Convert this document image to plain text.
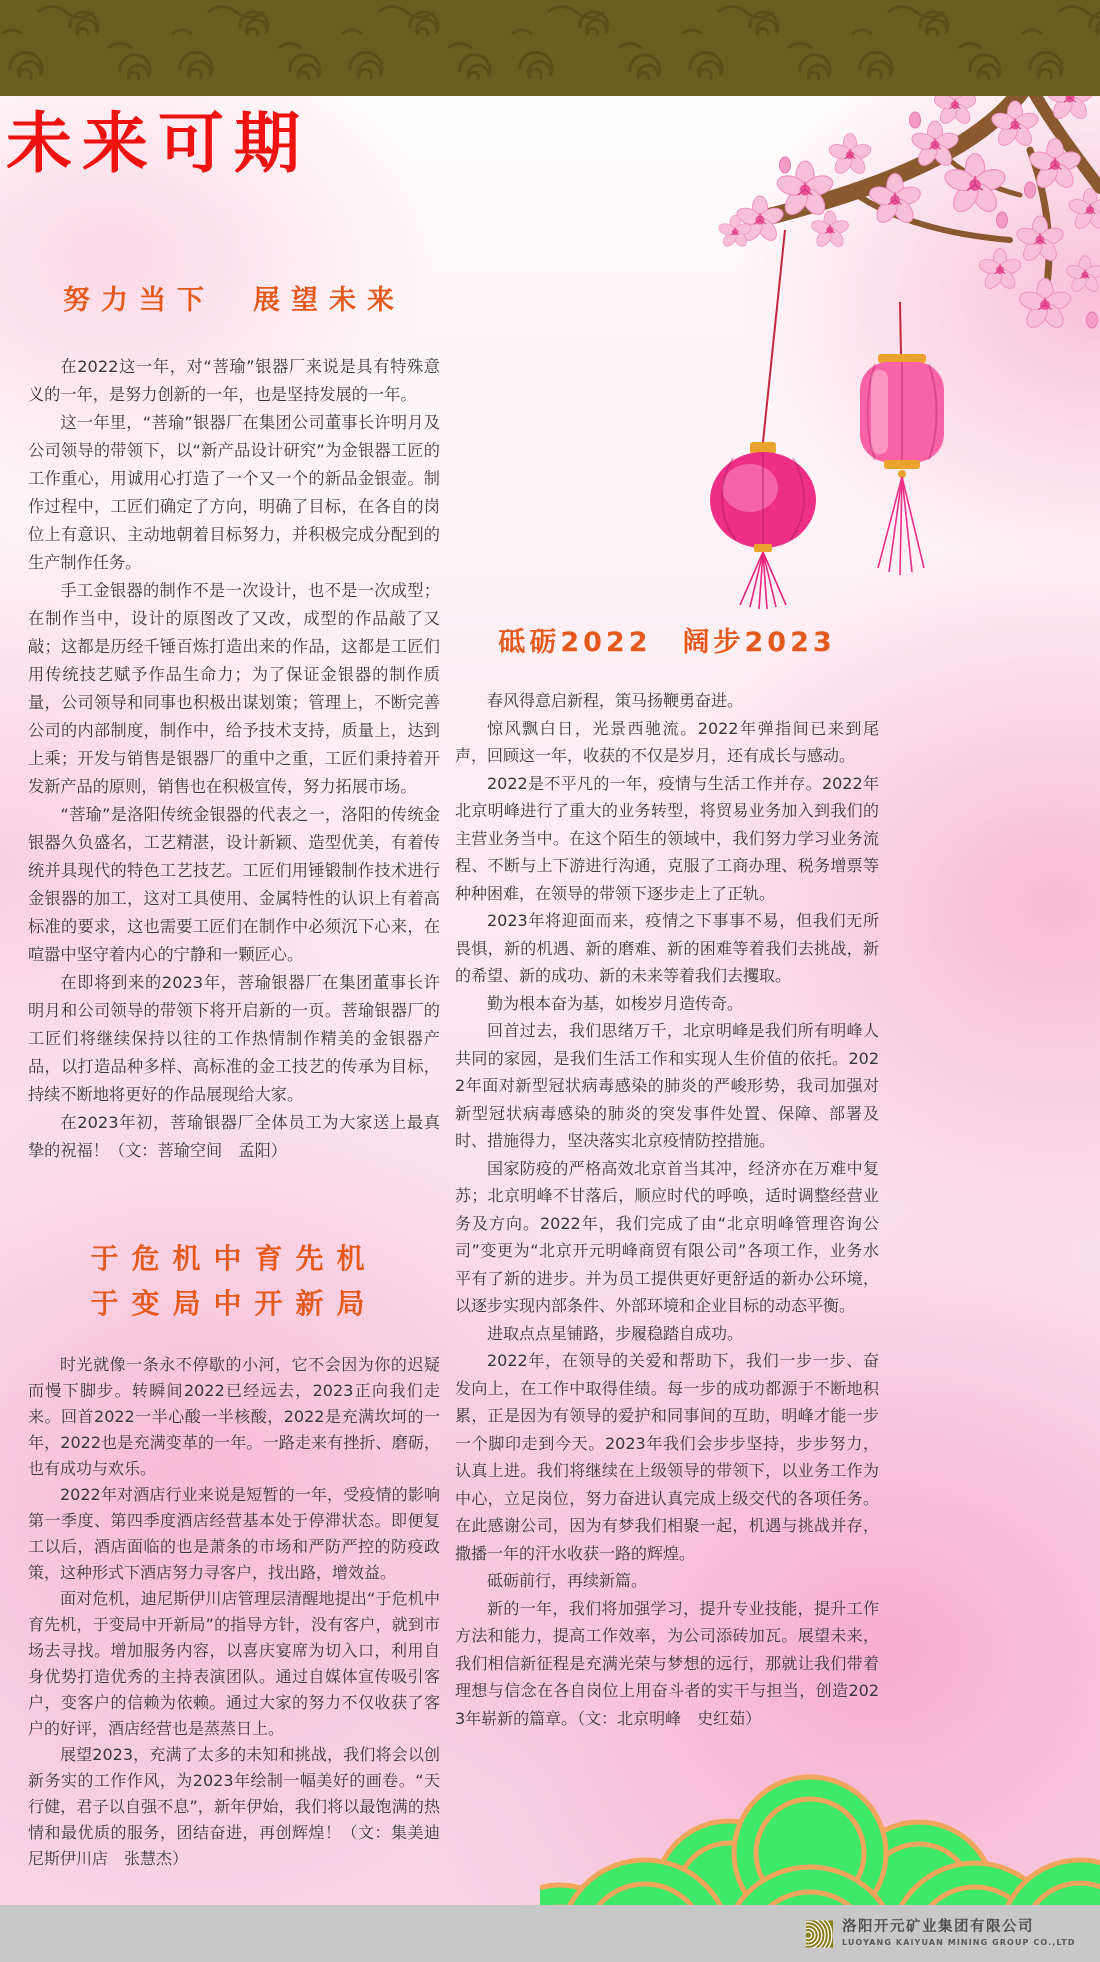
未来可期
努力当下　展望未来

在2022这一年，对“菩瑜”银器厂来说是具有特殊意义的一年，是努力创新的一年，也是坚持发展的一年。

这一年里，“菩瑜”银器厂在集团公司董事长许明月及公司领导的带领下，以“新产品设计研究”为金银器工匠的工作重心，用诚用心打造了一个又一个的新品金银壶。制作过程中，工匠们确定了方向，明确了目标，在各自的岗位上有意识、主动地朝着目标努力，并积极完成分配到的生产制作任务。

手工金银器的制作不是一次设计，也不是一次成型；在制作当中，设计的原图改了又改，成型的作品敲了又敲；这都是历经千锤百炼打造出来的作品，这都是工匠们用传统技艺赋予作品生命力；为了保证金银器的制作质量，公司领导和同事也积极出谋划策；管理上，不断完善公司的内部制度，制作中，给予技术支持，质量上，达到上乘；开发与销售是银器厂的重中之重，工匠们秉持着开发新产品的原则，销售也在积极宣传，努力拓展市场。

“菩瑜”是洛阳传统金银器的代表之一，洛阳的传统金银器久负盛名，工艺精湛，设计新颖、造型优美，有着传统并具现代的特色工艺技艺。工匠们用锤锻制作技术进行金银器的加工，这对工具使用、金属特性的认识上有着高标准的要求，这也需要工匠们在制作中必须沉下心来，在喧嚣中坚守着内心的宁静和一颗匠心。

在即将到来的2023年，菩瑜银器厂在集团董事长许明月和公司领导的带领下将开启新的一页。菩瑜银器厂的工匠们将继续保持以往的工作热情制作精美的金银器产品，以打造品种多样、高标准的金工技艺的传承为目标，持续不断地将更好的作品展现给大家。

在2023年初，菩瑜银器厂全体员工为大家送上最真挚的祝福！（文：菩瑜空间　孟阳）

砥砺2022　阔步2023

春风得意启新程，策马扬鞭勇奋进。

惊风飘白日，光景西驰流。2022年弹指间已来到尾声，回顾这一年，收获的不仅是岁月，还有成长与感动。

2022是不平凡的一年，疫情与生活工作并存。2022年北京明峰进行了重大的业务转型，将贸易业务加入到我们的主营业务当中。在这个陌生的领域中，我们努力学习业务流程、不断与上下游进行沟通，克服了工商办理、税务增票等种种困难，在领导的带领下逐步走上了正轨。

2023年将迎面而来，疫情之下事事不易，但我们无所畏惧，新的机遇、新的磨难、新的困难等着我们去挑战，新的希望、新的成功、新的未来等着我们去攫取。

勤为根本奋为基，如梭岁月造传奇。

回首过去，我们思绪万千，北京明峰是我们所有明峰人共同的家园，是我们生活工作和实现人生价值的依托。2022年面对新型冠状病毒感染的肺炎的严峻形势，我司加强对新型冠状病毒感染的肺炎的突发事件处置、保障、部署及时、措施得力，坚决落实北京疫情防控措施。

国家防疫的严格高效北京首当其冲，经济亦在万难中复苏；北京明峰不甘落后，顺应时代的呼唤，适时调整经营业务及方向。2022年，我们完成了由“北京明峰管理咨询公司”变更为“北京开元明峰商贸有限公司”各项工作，业务水平有了新的进步。并为员工提供更好更舒适的新办公环境，以逐步实现内部条件、外部环境和企业目标的动态平衡。

进取点点星铺路，步履稳踏自成功。

2022年，在领导的关爱和帮助下，我们一步一步、奋发向上，在工作中取得佳绩。每一步的成功都源于不断地积累，正是因为有领导的爱护和同事间的互助，明峰才能一步一个脚印走到今天。2023年我们会步步坚持，步步努力，认真上进。我们将继续在上级领导的带领下，以业务工作为中心，立足岗位，努力奋进认真完成上级交代的各项任务。在此感谢公司，因为有梦我们相聚一起，机遇与挑战并存，撒播一年的汗水收获一路的辉煌。

砥砺前行，再续新篇。

新的一年，我们将加强学习，提升专业技能，提升工作方法和能力，提高工作效率，为公司添砖加瓦。展望未来，我们相信新征程是充满光荣与梦想的远行，那就让我们带着理想与信念在各自岗位上用奋斗者的实干与担当，创造2023年崭新的篇章。（文：北京明峰　史红茹）

于危机中育先机
于变局中开新局

时光就像一条永不停歇的小河，它不会因为你的迟疑而慢下脚步。转瞬间2022已经远去，2023正向我们走来。回首2022一半心酸一半核酸，2022是充满坎坷的一年，2022也是充满变革的一年。一路走来有挫折、磨砺，也有成功与欢乐。

2022年对酒店行业来说是短暂的一年，受疫情的影响第一季度、第四季度酒店经营基本处于停滞状态。即便复工以后，酒店面临的也是萧条的市场和严防严控的防疫政策，这种形式下酒店努力寻客户，找出路，增效益。

面对危机，迪尼斯伊川店管理层清醒地提出“于危机中育先机，于变局中开新局”的指导方针，没有客户，就到市场去寻找。增加服务内容，以喜庆宴席为切入口，利用自身优势打造优秀的主持表演团队。通过自媒体宣传吸引客户，变客户的信赖为依赖。通过大家的努力不仅收获了客户的好评，酒店经营也是蒸蒸日上。

展望2023，充满了太多的未知和挑战，我们将会以创新务实的工作作风，为2023年绘制一幅美好的画卷。“天行健，君子以自强不息”，新年伊始，我们将以最饱满的热情和最优质的服务，团结奋进，再创辉煌！（文：集美迪尼斯伊川店　张慧杰）

洛阳开元矿业集团有限公司
LUOYANG KAIYUAN MINING GROUP CO.,LTD
